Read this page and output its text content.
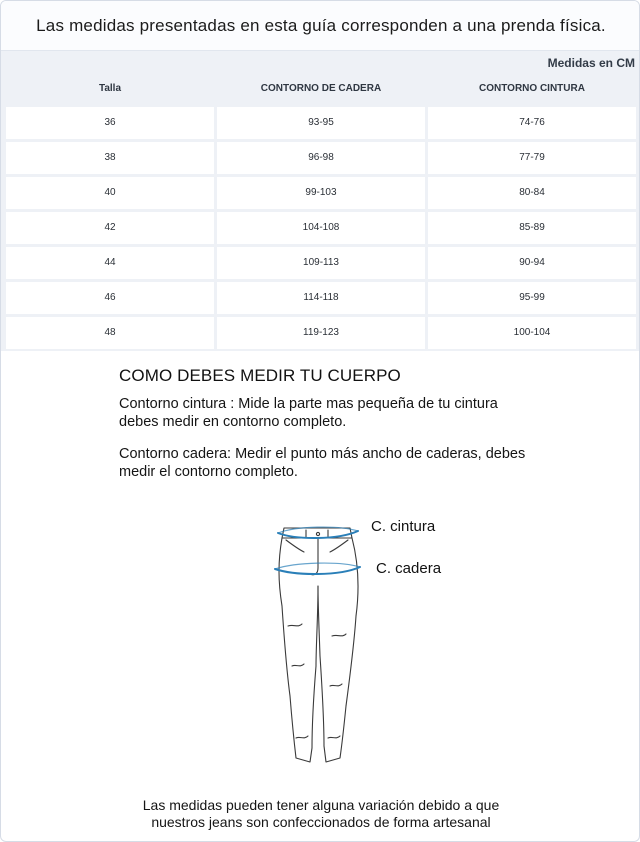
Las medidas presentadas en esta guía corresponden a una prenda física.
Medidas en CM
Talla	CONTORNO DE CADERA	CONTORNO CINTURA
36	93-95	74-76
38	96-98	77-79
40	99-103	80-84
42	104-108	85-89
44	109-113	90-94
46	114-118	95-99
48	119-123	100-104
COMO DEBES MEDIR TU CUERPO
Contorno cintura : Mide la parte mas pequeña de tu cintura debes medir en contorno completo.
Contorno cadera: Medir el punto más ancho de caderas, debes medir el contorno completo.
C. cintura
C. cadera
Las medidas pueden tener alguna variación debido a que
nuestros jeans son confeccionados de forma artesanal
